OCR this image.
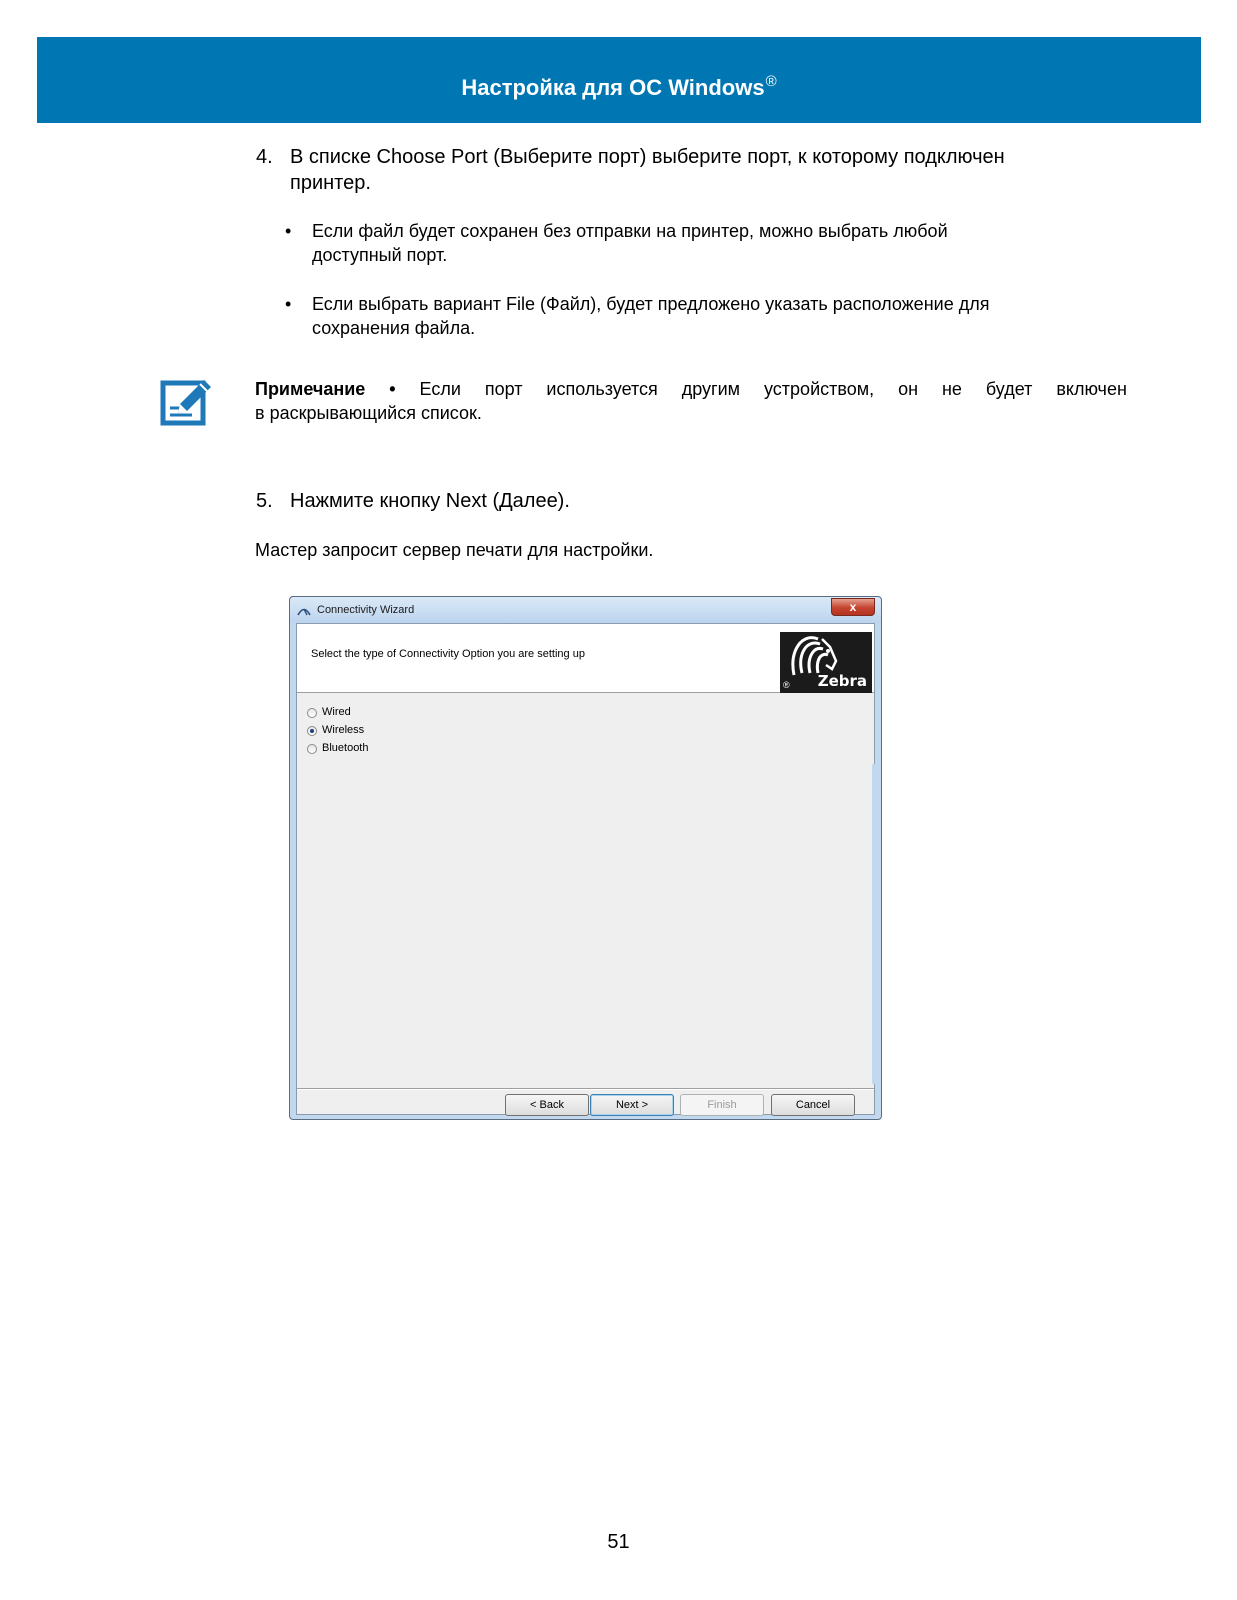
Настройка для ОС Windows®
4. В списке Choose Port (Выберите порт) выберите порт, к которому подключен
принтер.
• Если файл будет сохранен без отправки на принтер, можно выбрать любой
доступный порт.
• Если выбрать вариант File (Файл), будет предложено указать расположение для
сохранения файла.
Примечание • Если порт используется другим устройством, он не будет включен
в раскрывающийся список.
5. Нажмите кнопку Next (Далее).
Мастер запросит сервер печати для настройки.
Connectivity Wizard	x
Select the type of Connectivity Option you are setting up
® Zebra
Wired
Wireless
Bluetooth
< Back	Next >	Finish	Cancel
51
